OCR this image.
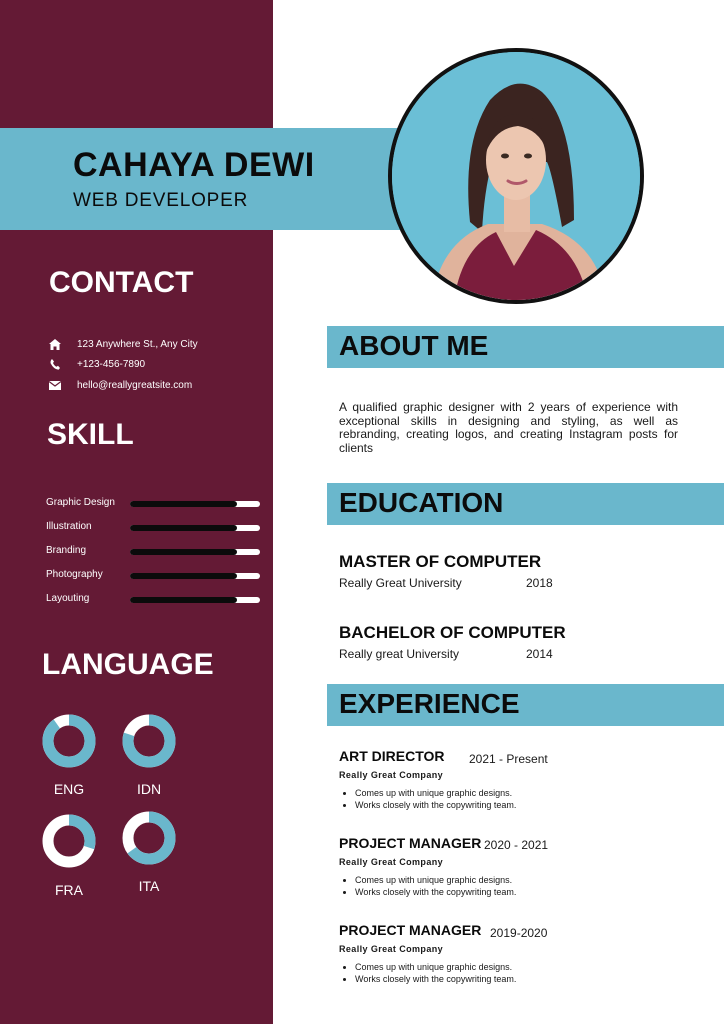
CAHAYA DEWI
WEB DEVELOPER
CONTACT
123 Anywhere St., Any City
+123-456-7890
hello@reallygreatsite.com
SKILL
Graphic Design
Illustration
Branding
Photography
Layouting
LANGUAGE
ENG	IDN
FRA	ITA
ABOUT ME
A qualified graphic designer with 2 years of experience with exceptional skills in designing and styling, as well as rebranding, creating logos, and creating Instagram posts for clients
EDUCATION
MASTER OF COMPUTER
Really Great University	2018
BACHELOR OF COMPUTER
Really great University	2014
EXPERIENCE
ART DIRECTOR 2021 - Present
Really Great Company
• Comes up with unique graphic designs.
• Works closely with the copywriting team.
PROJECT MANAGER 2020 - 2021
Really Great Company
• Comes up with unique graphic designs.
• Works closely with the copywriting team.
PROJECT MANAGER 2019-2020
Really Great Company
• Comes up with unique graphic designs.
• Works closely with the copywriting team.
